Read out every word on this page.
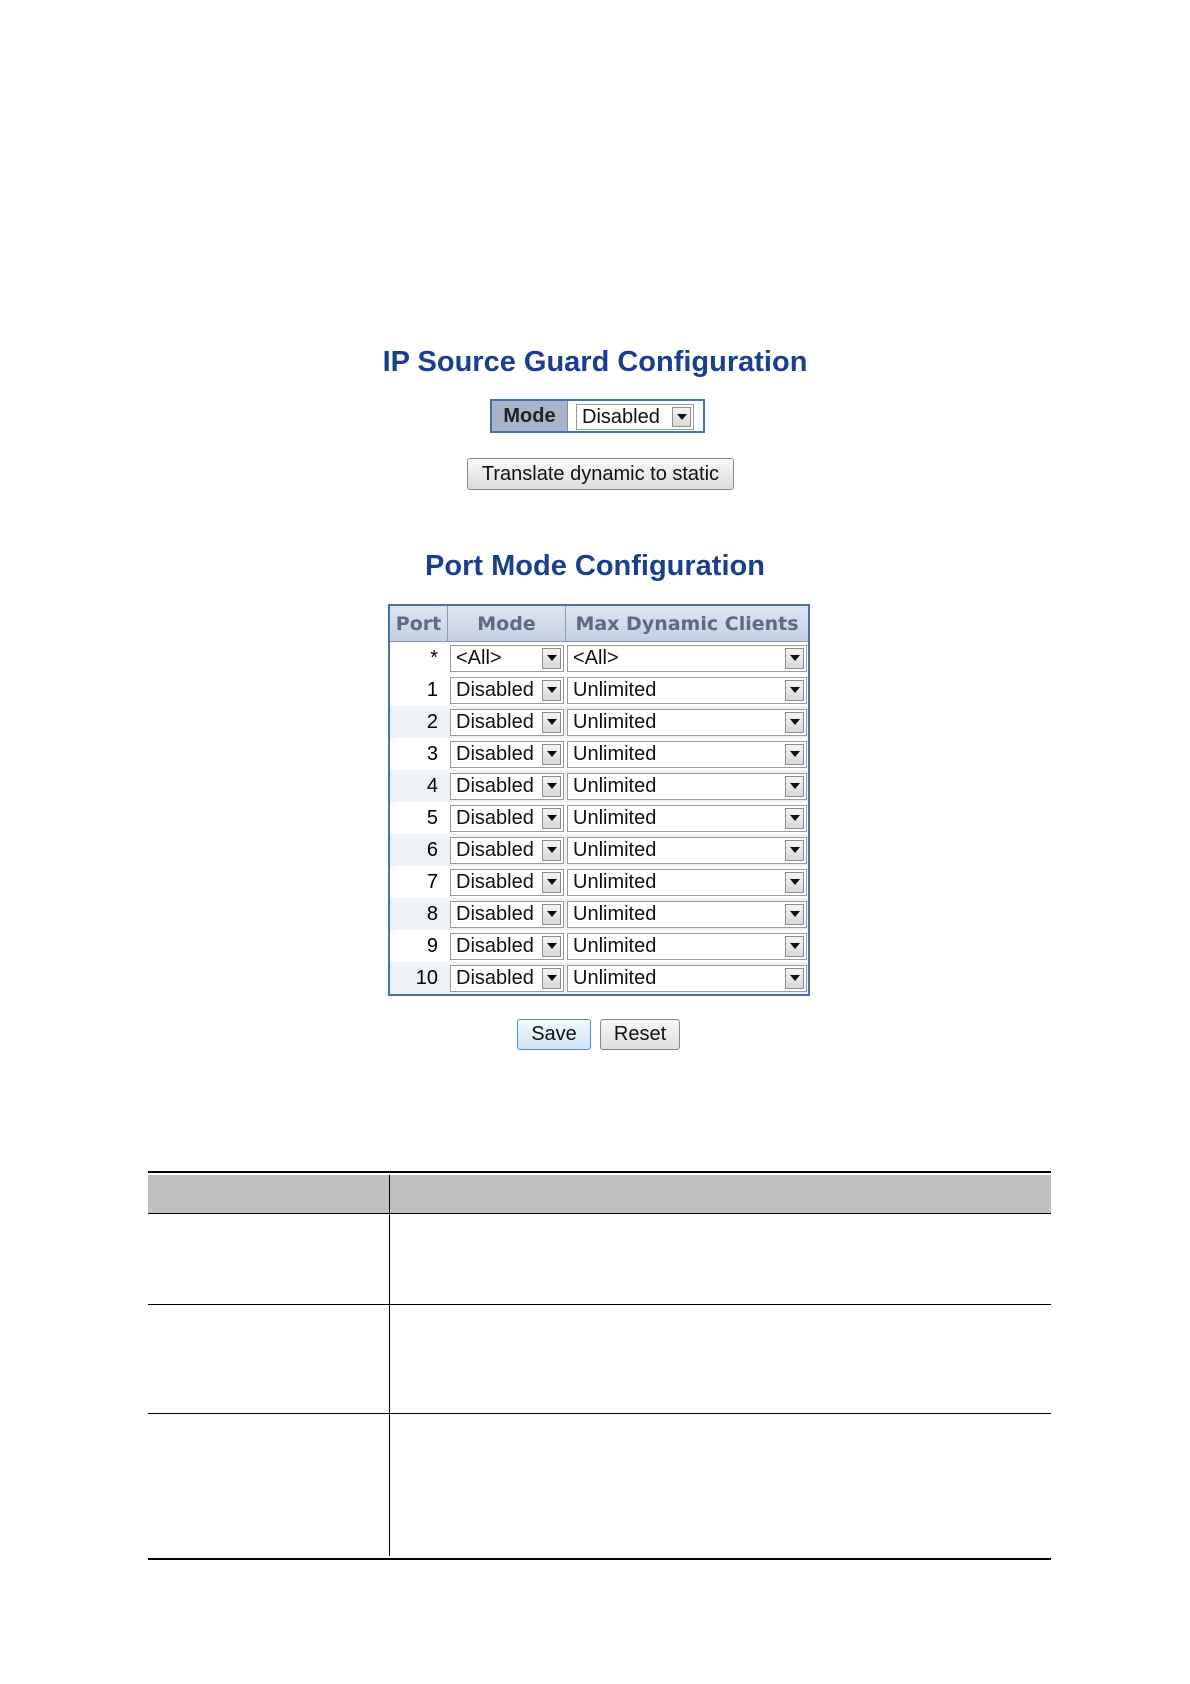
IP Source Guard Configuration
Mode	Disabled
Translate dynamic to static
Port Mode Configuration
Port	Mode	Max Dynamic Clients
* <All>	<All>
1 Disabled Unlimited
2 Disabled Unlimited
3 Disabled Unlimited
4 Disabled Unlimited
5 Disabled Unlimited
6 Disabled Unlimited
7 Disabled Unlimited
8 Disabled Unlimited
9 Disabled Unlimited
10 Disabled Unlimited
Save	Reset
